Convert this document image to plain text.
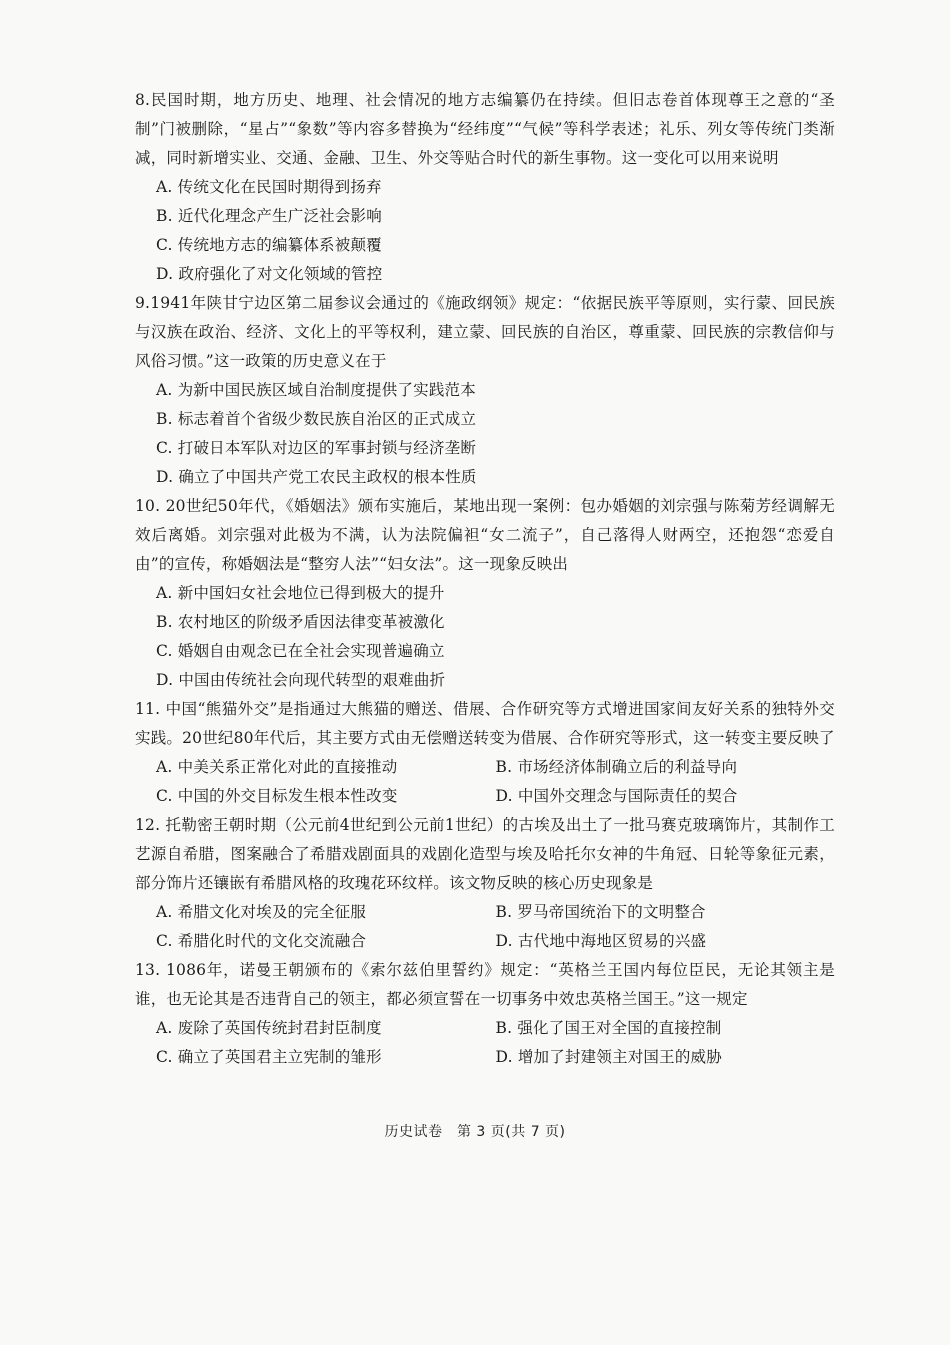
8.民国时期，地方历史、地理、社会情况的地方志编纂仍在持续。但旧志卷首体现尊王之意的“圣制”门被删除，“星占”“象数”等内容多替换为“经纬度”“气候”等科学表述；礼乐、列女等传统门类渐减，同时新增实业、交通、金融、卫生、外交等贴合时代的新生事物。这一变化可以用来说明

A. 传统文化在民国时期得到扬弃

B. 近代化理念产生广泛社会影响

C. 传统地方志的编纂体系被颠覆

D. 政府强化了对文化领域的管控

9.1941年陕甘宁边区第二届参议会通过的《施政纲领》规定：“依据民族平等原则，实行蒙、回民族与汉族在政治、经济、文化上的平等权利，建立蒙、回民族的自治区，尊重蒙、回民族的宗教信仰与风俗习惯。”这一政策的历史意义在于

A. 为新中国民族区域自治制度提供了实践范本

B. 标志着首个省级少数民族自治区的正式成立

C. 打破日本军队对边区的军事封锁与经济垄断

D. 确立了中国共产党工农民主政权的根本性质

10. 20世纪50年代，《婚姻法》颁布实施后，某地出现一案例：包办婚姻的刘宗强与陈菊芳经调解无效后离婚。刘宗强对此极为不满，认为法院偏袒“女二流子”，自己落得人财两空，还抱怨“恋爱自由”的宣传，称婚姻法是“整穷人法”“妇女法”。这一现象反映出

A. 新中国妇女社会地位已得到极大的提升

B. 农村地区的阶级矛盾因法律变革被激化

C. 婚姻自由观念已在全社会实现普遍确立

D. 中国由传统社会向现代转型的艰难曲折

11. 中国“熊猫外交”是指通过大熊猫的赠送、借展、合作研究等方式增进国家间友好关系的独特外交实践。20世纪80年代后，其主要方式由无偿赠送转变为借展、合作研究等形式，这一转变主要反映了

A. 中美关系正常化对此的直接推动	B. 市场经济体制确立后的利益导向

C. 中国的外交目标发生根本性改变	D. 中国外交理念与国际责任的契合

12. 托勒密王朝时期（公元前4世纪到公元前1世纪）的古埃及出土了一批马赛克玻璃饰片，其制作工艺源自希腊，图案融合了希腊戏剧面具的戏剧化造型与埃及哈托尔女神的牛角冠、日轮等象征元素，部分饰片还镶嵌有希腊风格的玫瑰花环纹样。该文物反映的核心历史现象是

A. 希腊文化对埃及的完全征服	B. 罗马帝国统治下的文明整合

C. 希腊化时代的文化交流融合	D. 古代地中海地区贸易的兴盛

13. 1086年，诺曼王朝颁布的《索尔兹伯里誓约》规定：“英格兰王国内每位臣民，无论其领主是谁，也无论其是否违背自己的领主，都必须宣誓在一切事务中效忠英格兰国王。”这一规定

A. 废除了英国传统封君封臣制度	B. 强化了国王对全国的直接控制

C. 确立了英国君主立宪制的雏形	D. 增加了封建领主对国王的威胁

历史试卷　第 3 页(共 7 页)
